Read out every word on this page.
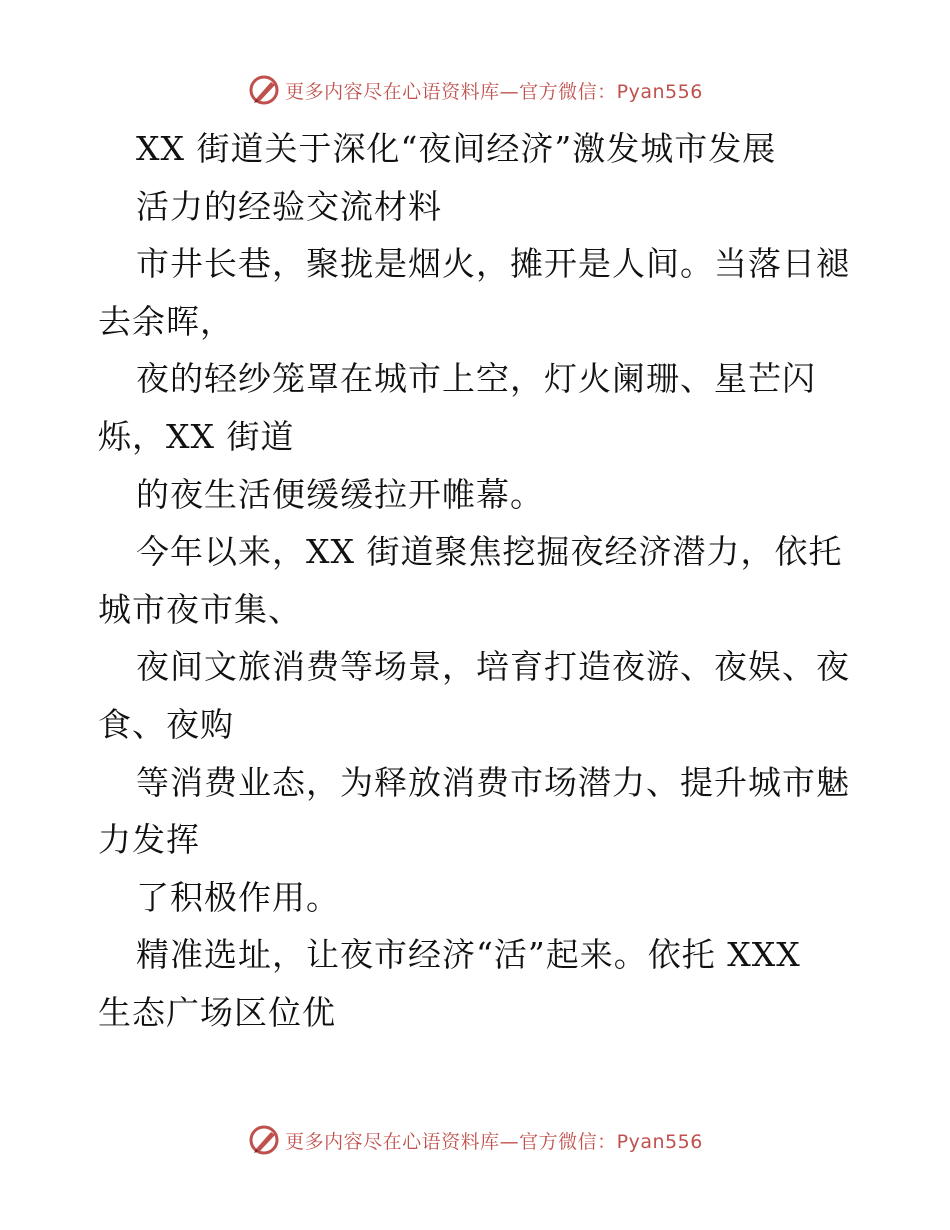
更多内容尽在心语资料库—官方微信：Pyan556
XX 街道关于深化“夜间经济”激发城市发展
活力的经验交流材料
市井长巷，聚拢是烟火，摊开是人间。当落日褪
去余晖，
夜的轻纱笼罩在城市上空，灯火阑珊、星芒闪
烁，XX 街道
的夜生活便缓缓拉开帷幕。
今年以来，XX 街道聚焦挖掘夜经济潜力，依托
城市夜市集、
夜间文旅消费等场景，培育打造夜游、夜娱、夜
食、夜购
等消费业态，为释放消费市场潜力、提升城市魅
力发挥
了积极作用。
精准选址，让夜市经济“活”起来。依托 XXX
生态广场区位优
更多内容尽在心语资料库—官方微信：Pyan556
